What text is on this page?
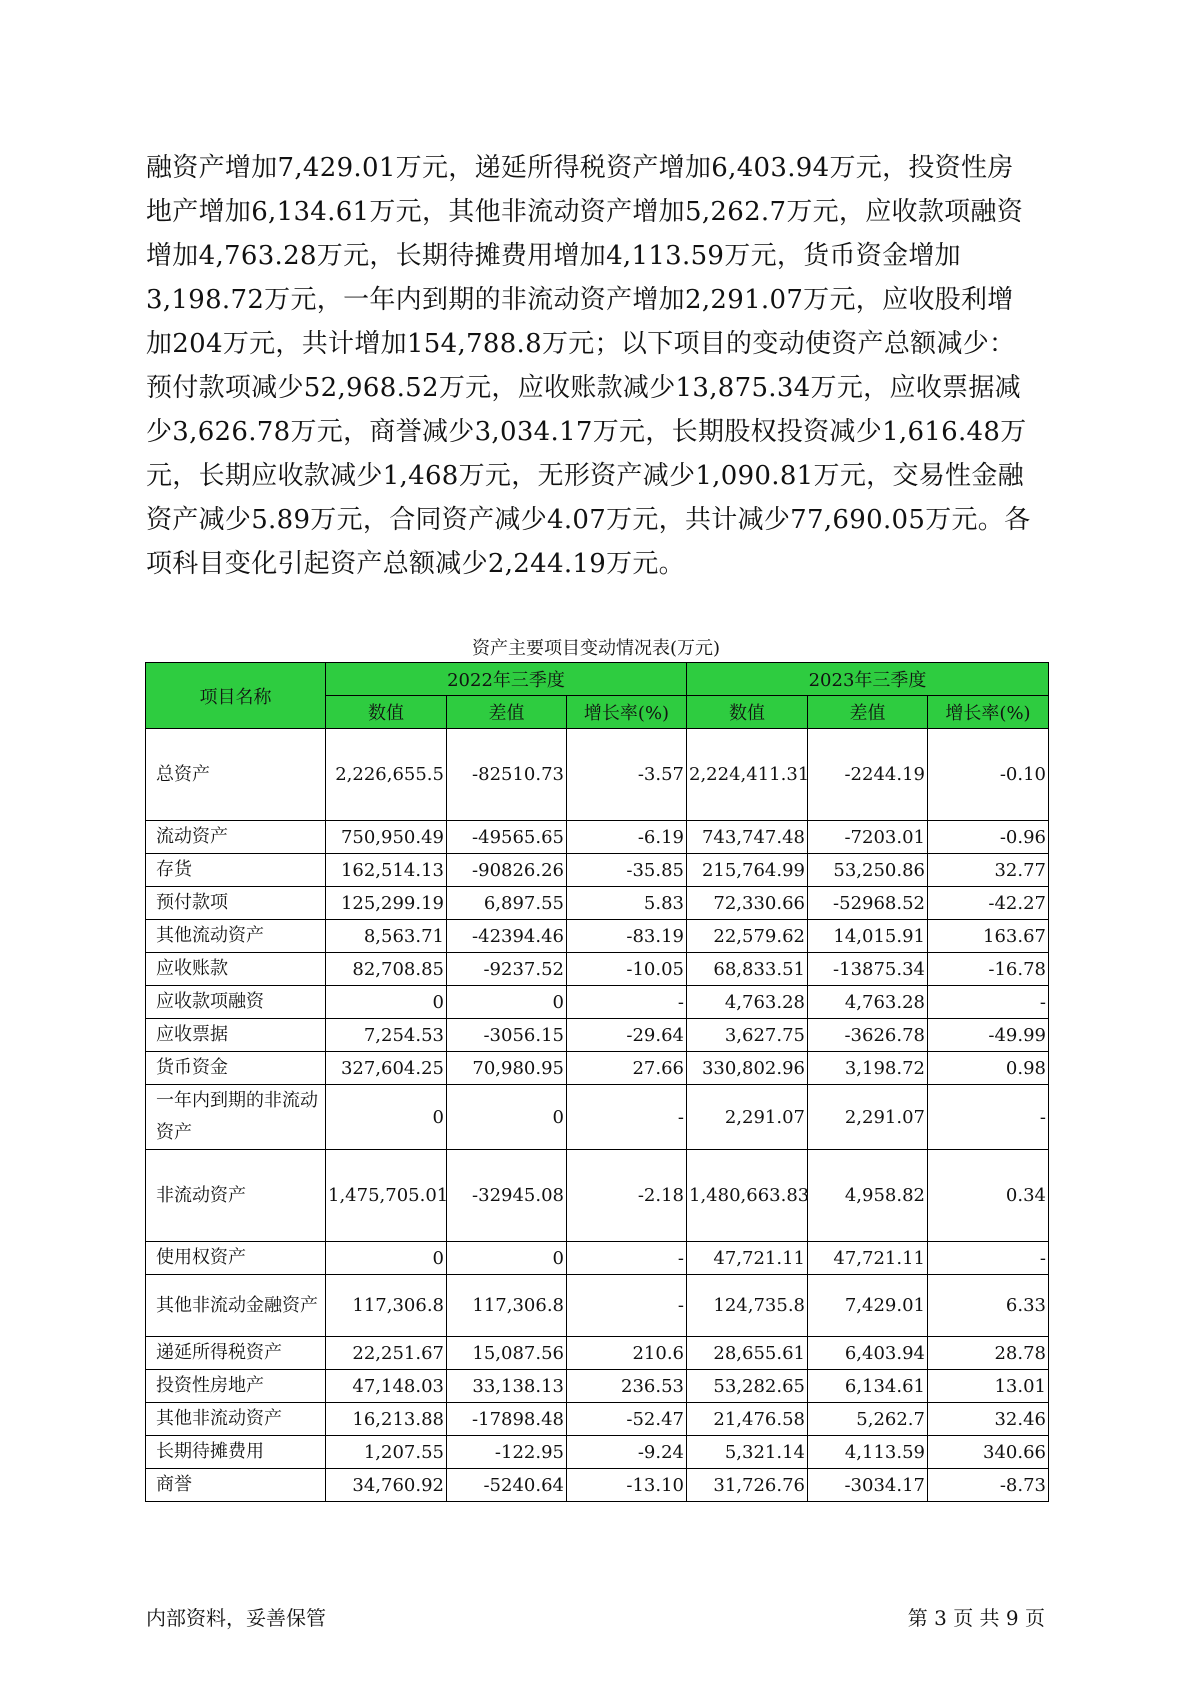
融资产增加7,429.01万元，递延所得税资产增加6,403.94万元，投资性房

地产增加6,134.61万元，其他非流动资产增加5,262.7万元，应收款项融资

增加4,763.28万元，长期待摊费用增加4,113.59万元，货币资金增加

3,198.72万元，一年内到期的非流动资产增加2,291.07万元，应收股利增

加204万元，共计增加154,788.8万元；以下项目的变动使资产总额减少：

预付款项减少52,968.52万元，应收账款减少13,875.34万元，应收票据减

少3,626.78万元，商誉减少3,034.17万元，长期股权投资减少1,616.48万

元，长期应收款减少1,468万元，无形资产减少1,090.81万元，交易性金融

资产减少5.89万元，合同资产减少4.07万元，共计减少77,690.05万元。各

项科目变化引起资产总额减少2,244.19万元。

资产主要项目变动情况表(万元)
项目名称	2022年三季度			2023年三季度		
	数值	差值	增长率(%)	数值	差值	增长率(%)
总资产	2,226,655.5	-82510.73	-3.57	2,224,411.31	-2244.19	-0.10
流动资产	750,950.49	-49565.65	-6.19	743,747.48	-7203.01	-0.96
存货	162,514.13	-90826.26	-35.85	215,764.99	53,250.86	32.77
预付款项	125,299.19	6,897.55	5.83	72,330.66	-52968.52	-42.27
其他流动资产	8,563.71	-42394.46	-83.19	22,579.62	14,015.91	163.67
应收账款	82,708.85	-9237.52	-10.05	68,833.51	-13875.34	-16.78
应收款项融资	0	0	-	4,763.28	4,763.28	-
应收票据	7,254.53	-3056.15	-29.64	3,627.75	-3626.78	-49.99
货币资金	327,604.25	70,980.95	27.66	330,802.96	3,198.72	0.98
一年内到期的非流动资产	0	0	-	2,291.07	2,291.07	-
非流动资产	1,475,705.01	-32945.08	-2.18	1,480,663.83	4,958.82	0.34
使用权资产	0	0	-	47,721.11	47,721.11	-
其他非流动金融资产	117,306.8	117,306.8	-	124,735.8	7,429.01	6.33
递延所得税资产	22,251.67	15,087.56	210.6	28,655.61	6,403.94	28.78
投资性房地产	47,148.03	33,138.13	236.53	53,282.65	6,134.61	13.01
其他非流动资产	16,213.88	-17898.48	-52.47	21,476.58	5,262.7	32.46
长期待摊费用	1,207.55	-122.95	-9.24	5,321.14	4,113.59	340.66
商誉	34,760.92	-5240.64	-13.10	31,726.76	-3034.17	-8.73
内部资料，妥善保管	第 3 页 共 9 页
